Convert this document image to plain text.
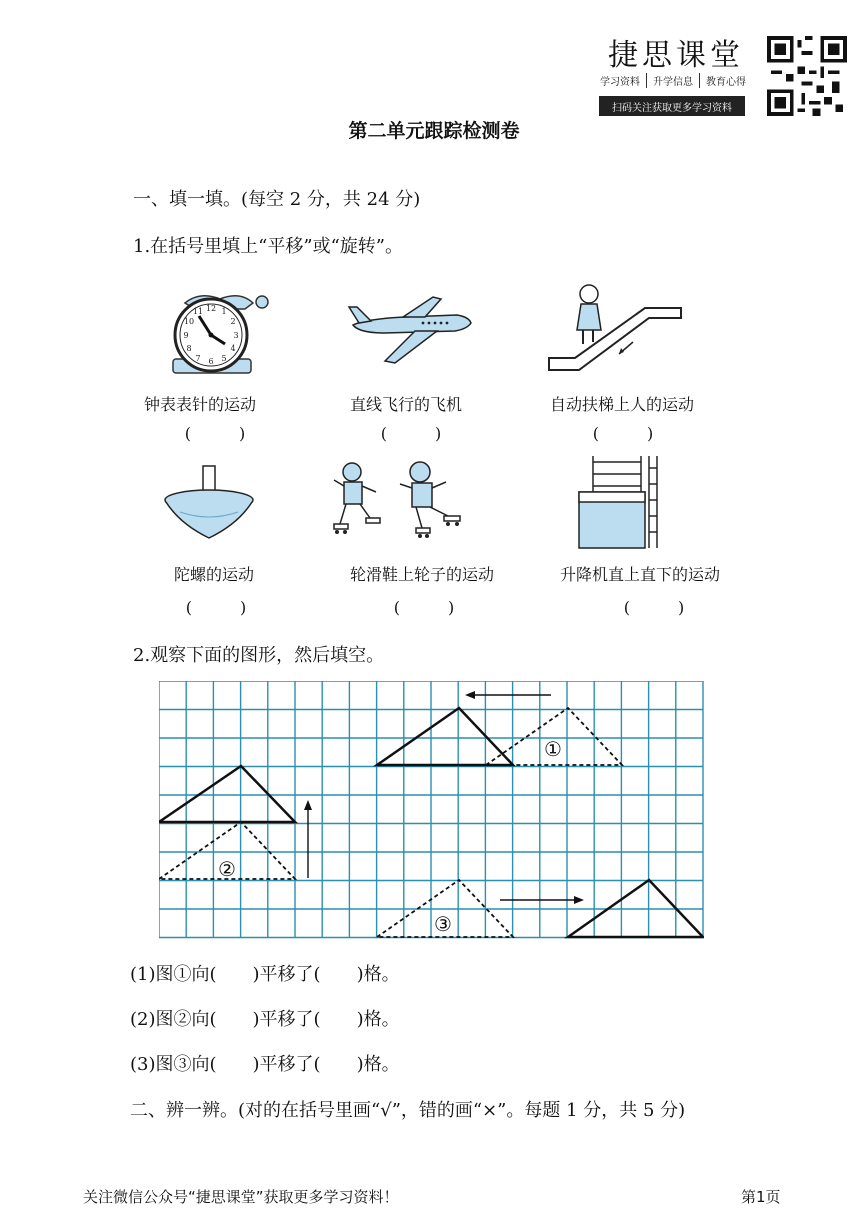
捷思课堂
学习资料	升学信息	教育心得
扫码关注获取更多学习资料
第二单元跟踪检测卷
一、填一填。(每空 2 分，共 24 分)
1.在括号里填上“平移”或“旋转”。
12 1
2
3
4
5
6
7
8
9
10
11
钟表表针的运动	直线飞行的飞机	自动扶梯上人的运动
(　　　)	(　　　)	(　　　)
陀螺的运动	轮滑鞋上轮子的运动	升降机直上直下的运动
(　　　)	(　　　)	(　　　)
2.观察下面的图形，然后填空。
①
②
③
(1)图①向(　　)平移了(　　)格。
(2)图②向(　　)平移了(　　)格。
(3)图③向(　　)平移了(　　)格。
二、辨一辨。(对的在括号里画“√”，错的画“×”。每题 1 分，共 5 分)
关注微信公众号“捷思课堂”获取更多学习资料！	第1页
